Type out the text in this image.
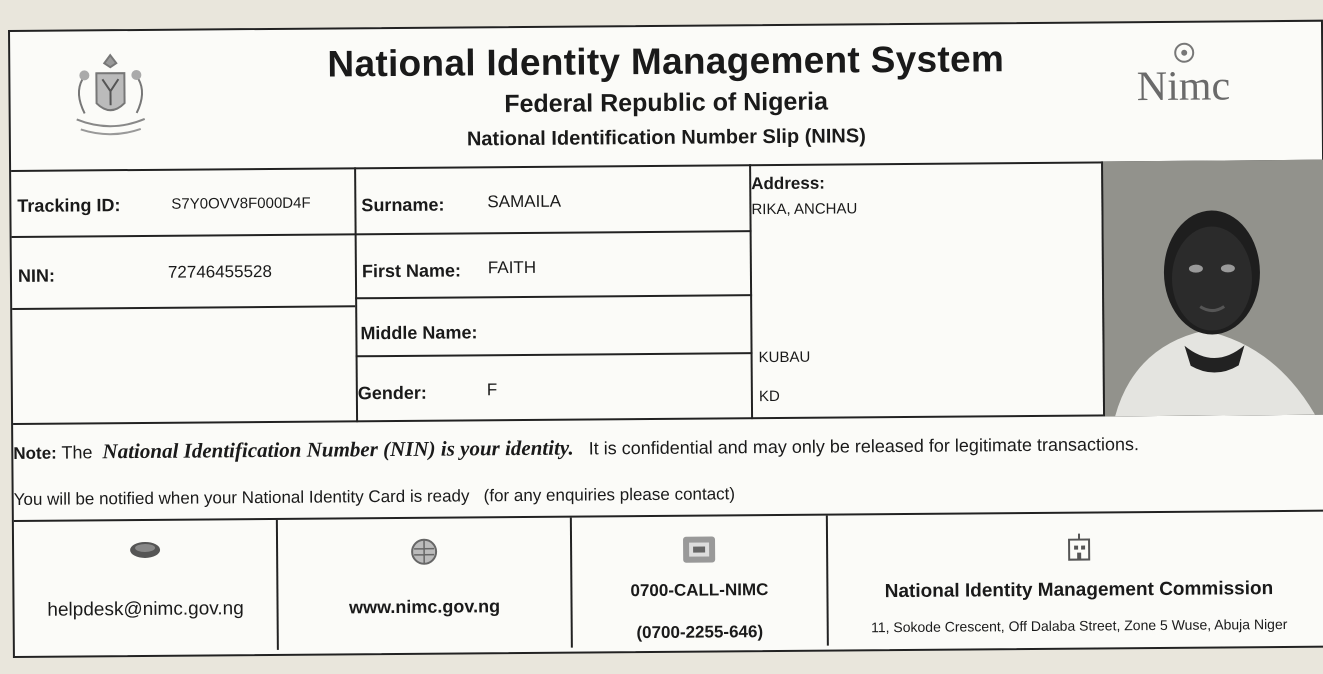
National Identity Management System
Federal Republic of Nigeria
National Identification Number Slip (NINS)
Nimc
Tracking ID:	S7Y0OVV8F000D4F
NIN:	72746455528
Surname:	SAMAILA
First Name: FAITH
Middle Name:
Gender:	F
Address:
RIKA, ANCHAU
KUBAU
KD
Note: The National Identification Number (NIN) is your identity. It is confidential and may only be released for legitimate transactions.
You will be notified when your National Identity Card is ready (for any enquiries please contact)
helpdesk@nimc.gov.ng	www.nimc.gov.ng
0700-CALL-NIMC
(0700-2255-646)
National Identity Management Commission
11, Sokode Crescent, Off Dalaba Street, Zone 5 Wuse, Abuja Niger
